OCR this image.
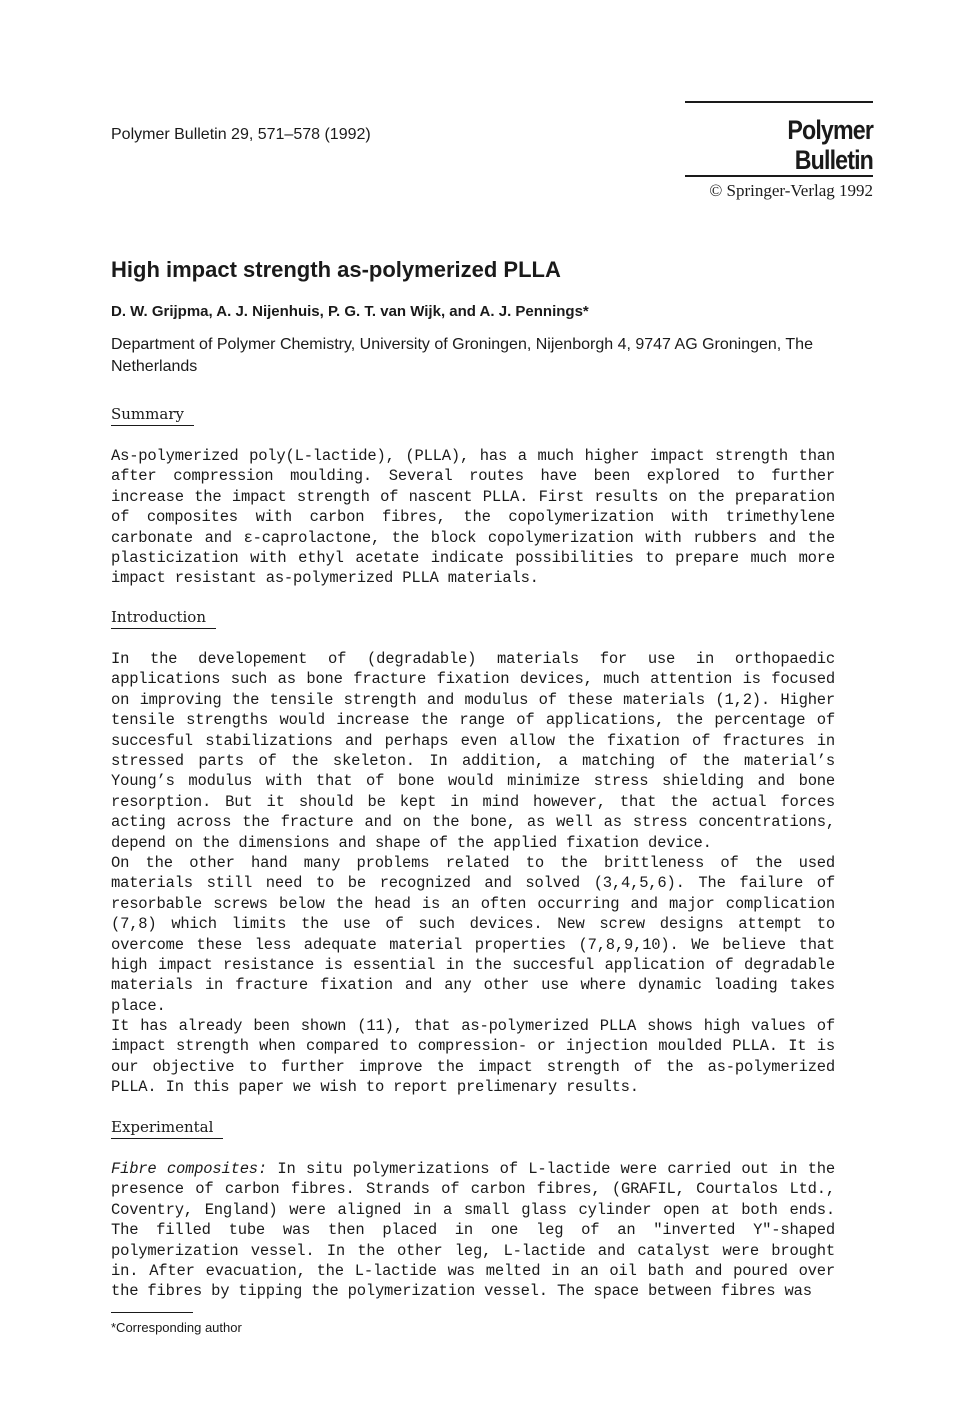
Polymer Bulletin 29, 571–578 (1992)	Polymer Bulletin
© Springer-Verlag 1992
High impact strength as-polymerized PLLA
D. W. Grijpma, A. J. Nijenhuis, P. G. T. van Wijk, and A. J. Pennings*
Department of Polymer Chemistry, University of Groningen, Nijenborgh 4, 9747 AG Groningen, The Netherlands
Summary

As-polymerized poly(L-lactide), (PLLA), has a much higher impact strength than after compression moulding. Several routes have been explored to further increase the impact strength of nascent PLLA. First results on the preparation of composites with carbon fibres, the copolymerization with trimethylene carbonate and ε-caprolactone, the block copolymerization with rubbers and the plasticization with ethyl acetate indicate possibilities to prepare much more impact resistant as-polymerized PLLA materials.

Introduction

In the developement of (degradable) materials for use in orthopaedic applications such as bone fracture fixation devices, much attention is focused on improving the tensile strength and modulus of these materials (1,2). Higher tensile strengths would increase the range of applications, the percentage of succesful stabilizations and perhaps even allow the fixation of fractures in stressed parts of the skeleton. In addition, a matching of the material’s Young’s modulus with that of bone would minimize stress shielding and bone resorption. But it should be kept in mind however, that the actual forces acting across the fracture and on the bone, as well as stress concentrations, depend on the dimensions and shape of the applied fixation device.

On the other hand many problems related to the brittleness of the used materials still need to be recognized and solved (3,4,5,6). The failure of resorbable screws below the head is an often occurring and major complication (7,8) which limits the use of such devices. New screw designs attempt to overcome these less adequate material properties (7,8,9,10). We believe that high impact resistance is essential in the succesful application of degradable materials in fracture fixation and any other use where dynamic loading takes place.

It has already been shown (11), that as-polymerized PLLA shows high values of impact strength when compared to compression- or injection moulded PLLA. It is our objective to further improve the impact strength of the as-polymerized PLLA. In this paper we wish to report prelimenary results.

Experimental

Fibre composites: In situ polymerizations of L-lactide were carried out in the presence of carbon fibres. Strands of carbon fibres, (GRAFIL, Courtalos Ltd., Coventry, England) were aligned in a small glass cylinder open at both ends. The filled tube was then placed in one leg of an "inverted Y"-shaped polymerization vessel. In the other leg, L-lactide and catalyst were brought in. After evacuation, the L-lactide was melted in an oil bath and poured over the fibres by tipping the polymerization vessel. The space between fibres was

*Corresponding author
